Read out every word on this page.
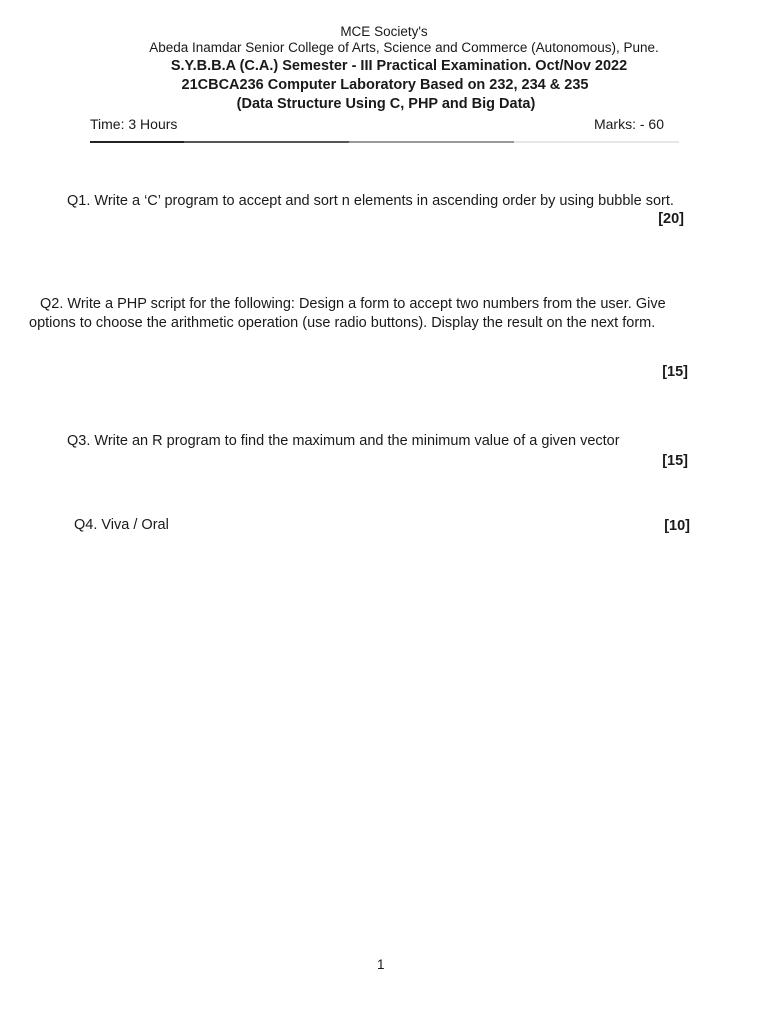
MCE Society's
Abeda Inamdar Senior College of Arts, Science and Commerce (Autonomous), Pune.
S.Y.B.B.A (C.A.) Semester - III Practical Examination. Oct/Nov 2022
21CBCA236 Computer Laboratory Based on 232, 234 & 235
(Data Structure Using C, PHP and Big Data)
Time: 3 Hours	Marks: - 60
Q1. Write a ‘C’ program to accept and sort n elements in ascending order by using bubble sort.
[20]
Q2. Write a PHP script for the following: Design a form to accept two numbers from the user. Give
options to choose the arithmetic operation (use radio buttons). Display the result on the next form.
[15]
Q3. Write an R program to find the maximum and the minimum value of a given vector
[15]
Q4. Viva / Oral	[10]
1
